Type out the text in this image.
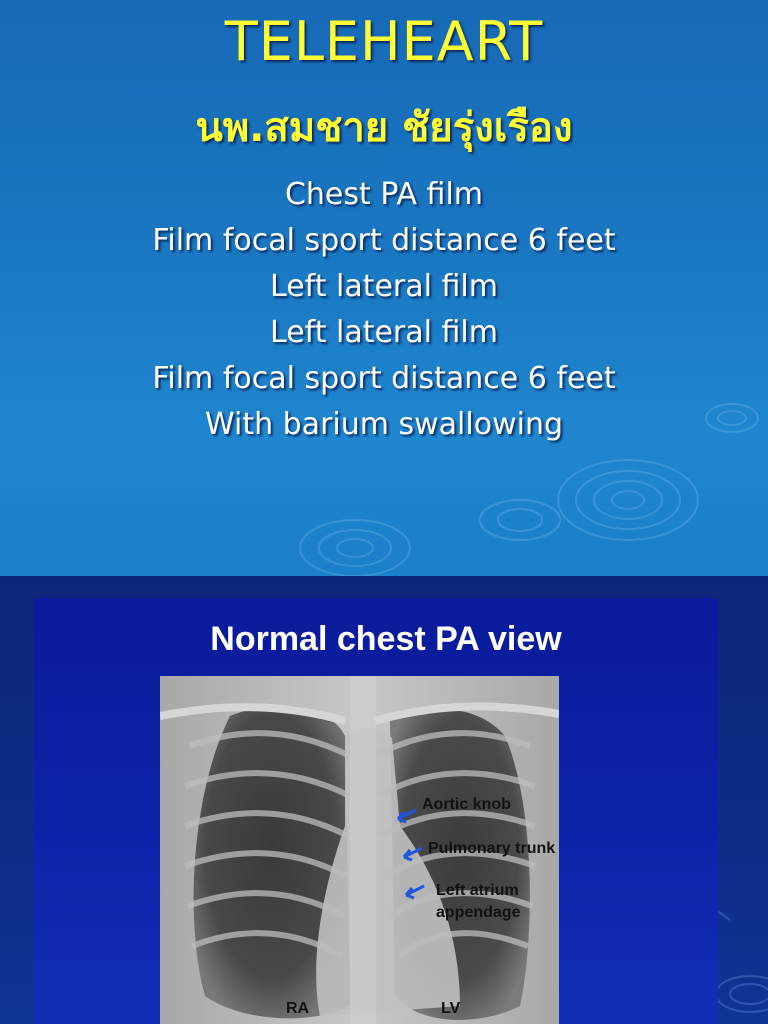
TELEHEART
นพ.สมชาย ชัยรุ่งเรือง
Chest PA film
Film focal sport distance 6 feet
Left lateral film
Left lateral film
Film focal sport distance 6 feet
With barium swallowing
Normal chest PA view
Aortic knob
Pulmonary trunk
Left atrium
appendage
RA	LV
